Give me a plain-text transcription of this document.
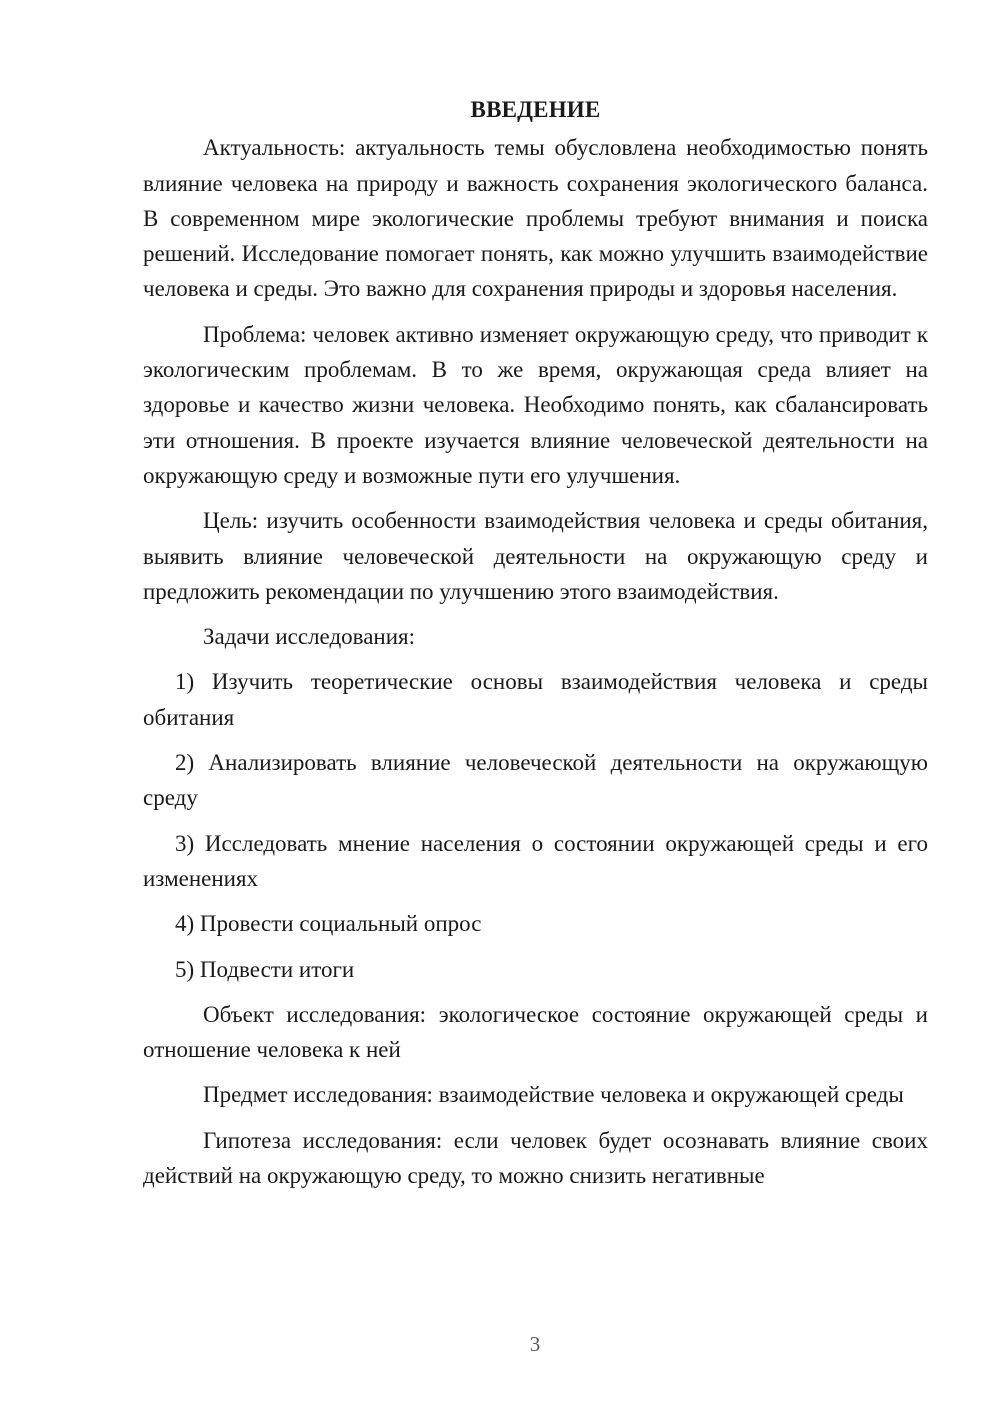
ВВЕДЕНИЕ

Актуальность: актуальность темы обусловлена необходимостью понять влияние человека на природу и важность сохранения экологического баланса. В современном мире экологические проблемы требуют внимания и поиска решений. Исследование помогает понять, как можно улучшить взаимодействие человека и среды. Это важно для сохранения природы и здоровья населения.

Проблема: человек активно изменяет окружающую среду, что приводит к экологическим проблемам. В то же время, окружающая среда влияет на здоровье и качество жизни человека. Необходимо понять, как сбалансировать эти отношения. В проекте изучается влияние человеческой деятельности на окружающую среду и возможные пути его улучшения.

Цель: изучить особенности взаимодействия человека и среды обитания, выявить влияние человеческой деятельности на окружающую среду и предложить рекомендации по улучшению этого взаимодействия.

Задачи исследования:

1) Изучить теоретические основы взаимодействия человека и среды обитания

2) Анализировать влияние человеческой деятельности на окружающую среду

3) Исследовать мнение населения о состоянии окружающей среды и его изменениях

4) Провести социальный опрос

5) Подвести итоги

Объект исследования: экологическое состояние окружающей среды и отношение человека к ней

Предмет исследования: взаимодействие человека и окружающей среды

Гипотеза исследования: если человек будет осознавать влияние своих действий на окружающую среду, то можно снизить негативные

3
